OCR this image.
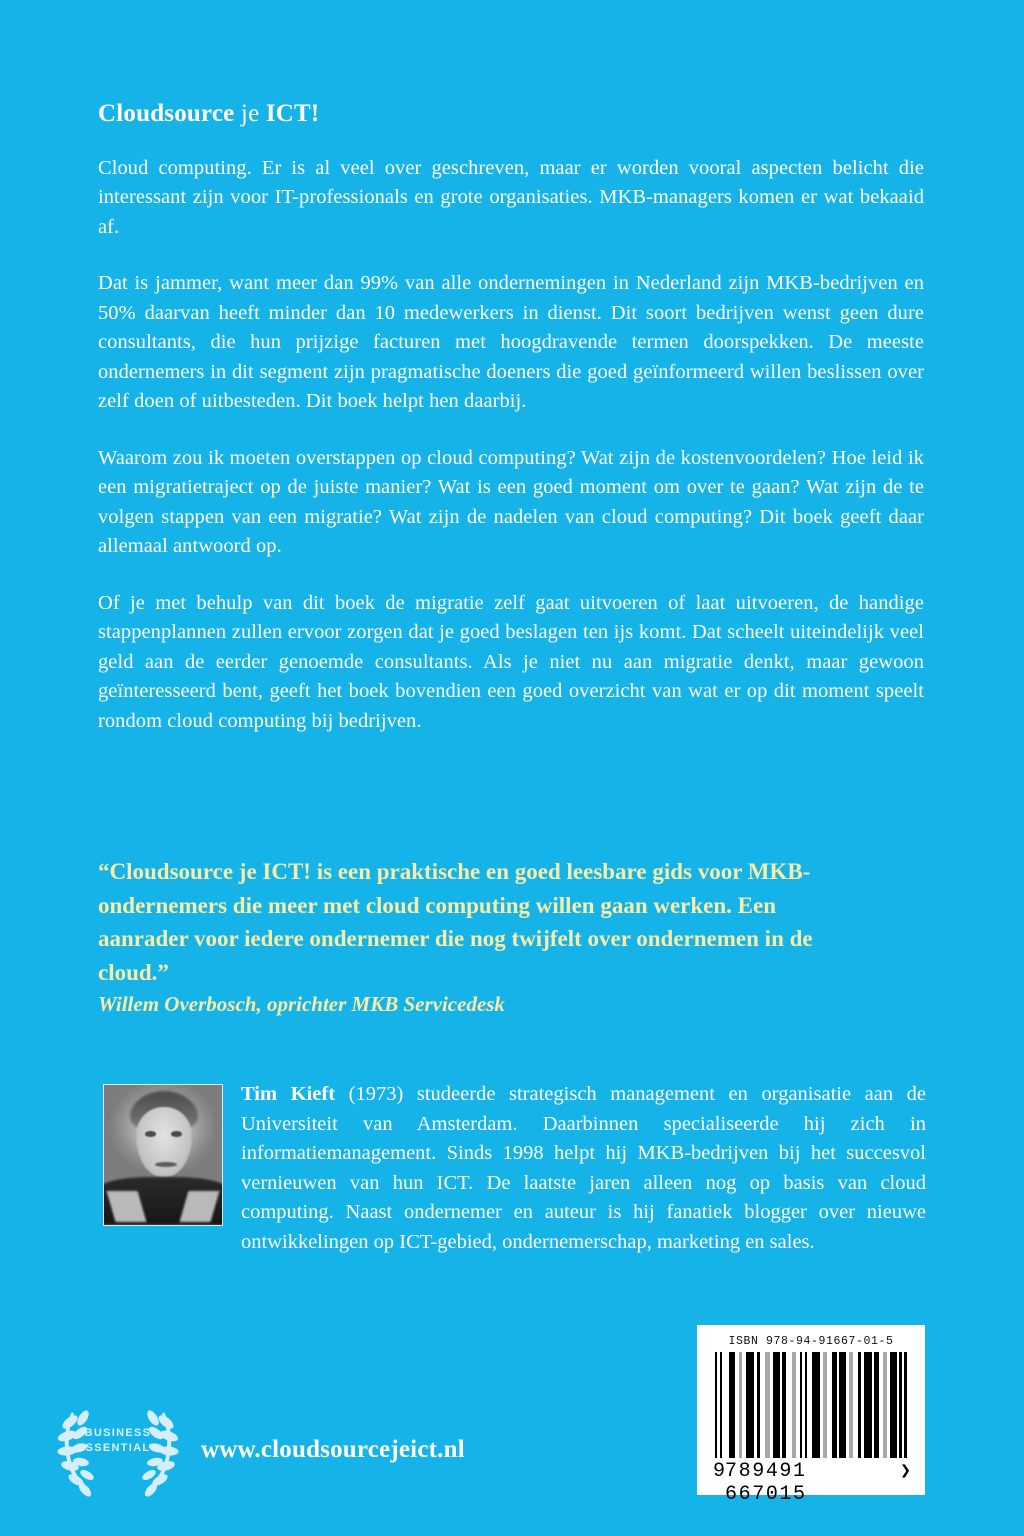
Cloudsource je ICT!

Cloud computing. Er is al veel over geschreven, maar er worden vooral aspecten belicht die interessant zijn voor IT-professionals en grote organisaties. MKB-managers komen er wat bekaaid af.

Dat is jammer, want meer dan 99% van alle ondernemingen in Nederland zijn MKB-bedrijven en 50% daarvan heeft minder dan 10 medewerkers in dienst. Dit soort bedrijven wenst geen dure consultants, die hun prijzige facturen met hoogdravende termen doorspekken. De meeste ondernemers in dit segment zijn pragmatische doeners die goed geïnformeerd willen beslissen over zelf doen of uitbesteden. Dit boek helpt hen daarbij.

Waarom zou ik moeten overstappen op cloud computing? Wat zijn de kostenvoordelen? Hoe leid ik een migratietraject op de juiste manier? Wat is een goed moment om over te gaan? Wat zijn de te volgen stappen van een migratie? Wat zijn de nadelen van cloud computing? Dit boek geeft daar allemaal antwoord op.

Of je met behulp van dit boek de migratie zelf gaat uitvoeren of laat uitvoeren, de handige stappenplannen zullen ervoor zorgen dat je goed beslagen ten ijs komt. Dat scheelt uiteindelijk veel geld aan de eerder genoemde consultants. Als je niet nu aan migratie denkt, maar gewoon geïnteresseerd bent, geeft het boek bovendien een goed overzicht van wat er op dit moment speelt rondom cloud computing bij bedrijven.

“Cloudsource je ICT! is een praktische en goed leesbare gids voor MKB-ondernemers die meer met cloud computing willen gaan werken. Een aanrader voor iedere ondernemer die nog twijfelt over ondernemen in de cloud.”

Willem Overbosch, oprichter MKB Servicedesk

Tim Kieft (1973) studeerde strategisch management en organisatie aan de Universiteit van Amsterdam. Daarbinnen specialiseerde hij zich in informatiemanagement. Sinds 1998 helpt hij MKB-bedrijven bij het succesvol vernieuwen van hun ICT. De laatste jaren alleen nog op basis van cloud computing. Naast ondernemer en auteur is hij fanatiek blogger over nieuwe ontwikkelingen op ICT-gebied, ondernemerschap, marketing en sales.

BUSINESS
ESSENTIALS	www.cloudsourcejeict.nl
ISBN 978-94-91667-01-5
9 789491 667015
❯
